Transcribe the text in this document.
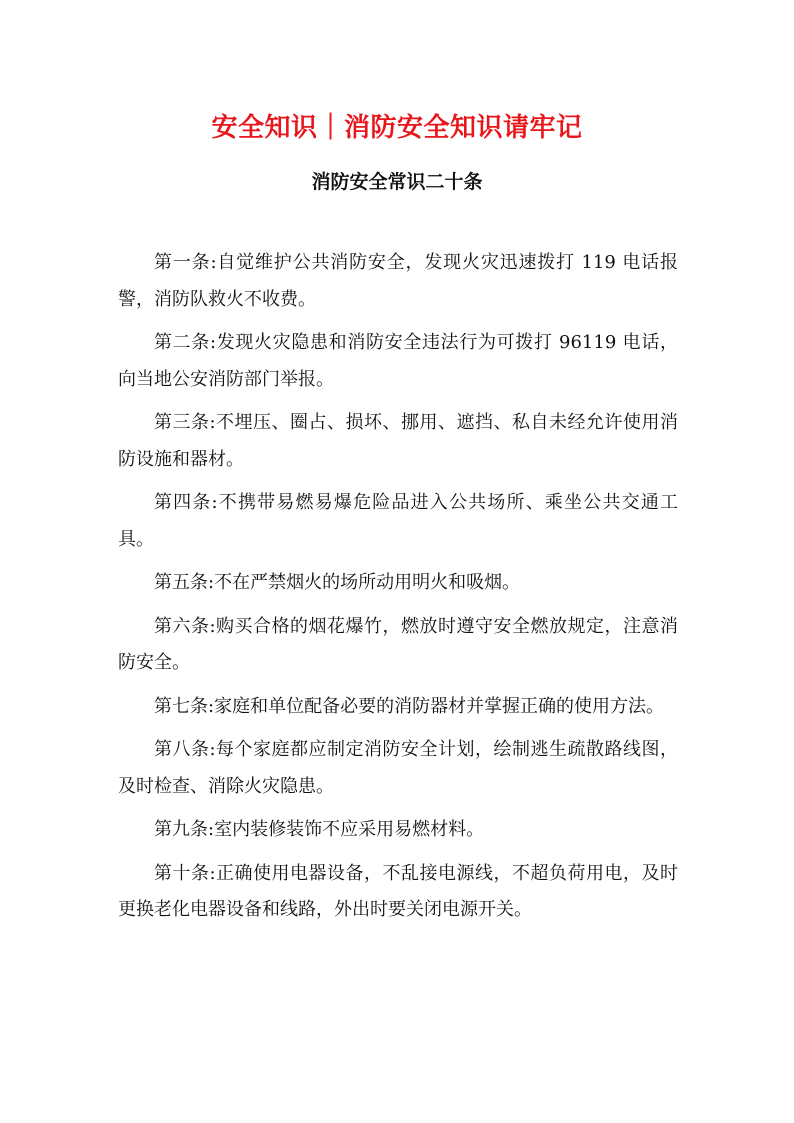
安全知识｜消防安全知识请牢记
消防安全常识二十条

第一条:自觉维护公共消防安全，发现火灾迅速拨打 119 电话报警，消防队救火不收费。

第二条:发现火灾隐患和消防安全违法行为可拨打 96119 电话，向当地公安消防部门举报。

第三条:不埋压、圈占、损坏、挪用、遮挡、私自未经允许使用消防设施和器材。

第四条:不携带易燃易爆危险品进入公共场所、乘坐公共交通工具。

第五条:不在严禁烟火的场所动用明火和吸烟。

第六条:购买合格的烟花爆竹，燃放时遵守安全燃放规定，注意消防安全。

第七条:家庭和单位配备必要的消防器材并掌握正确的使用方法。

第八条:每个家庭都应制定消防安全计划，绘制逃生疏散路线图，及时检查、消除火灾隐患。

第九条:室内装修装饰不应采用易燃材料。

第十条:正确使用电器设备，不乱接电源线，不超负荷用电，及时更换老化电器设备和线路，外出时要关闭电源开关。
